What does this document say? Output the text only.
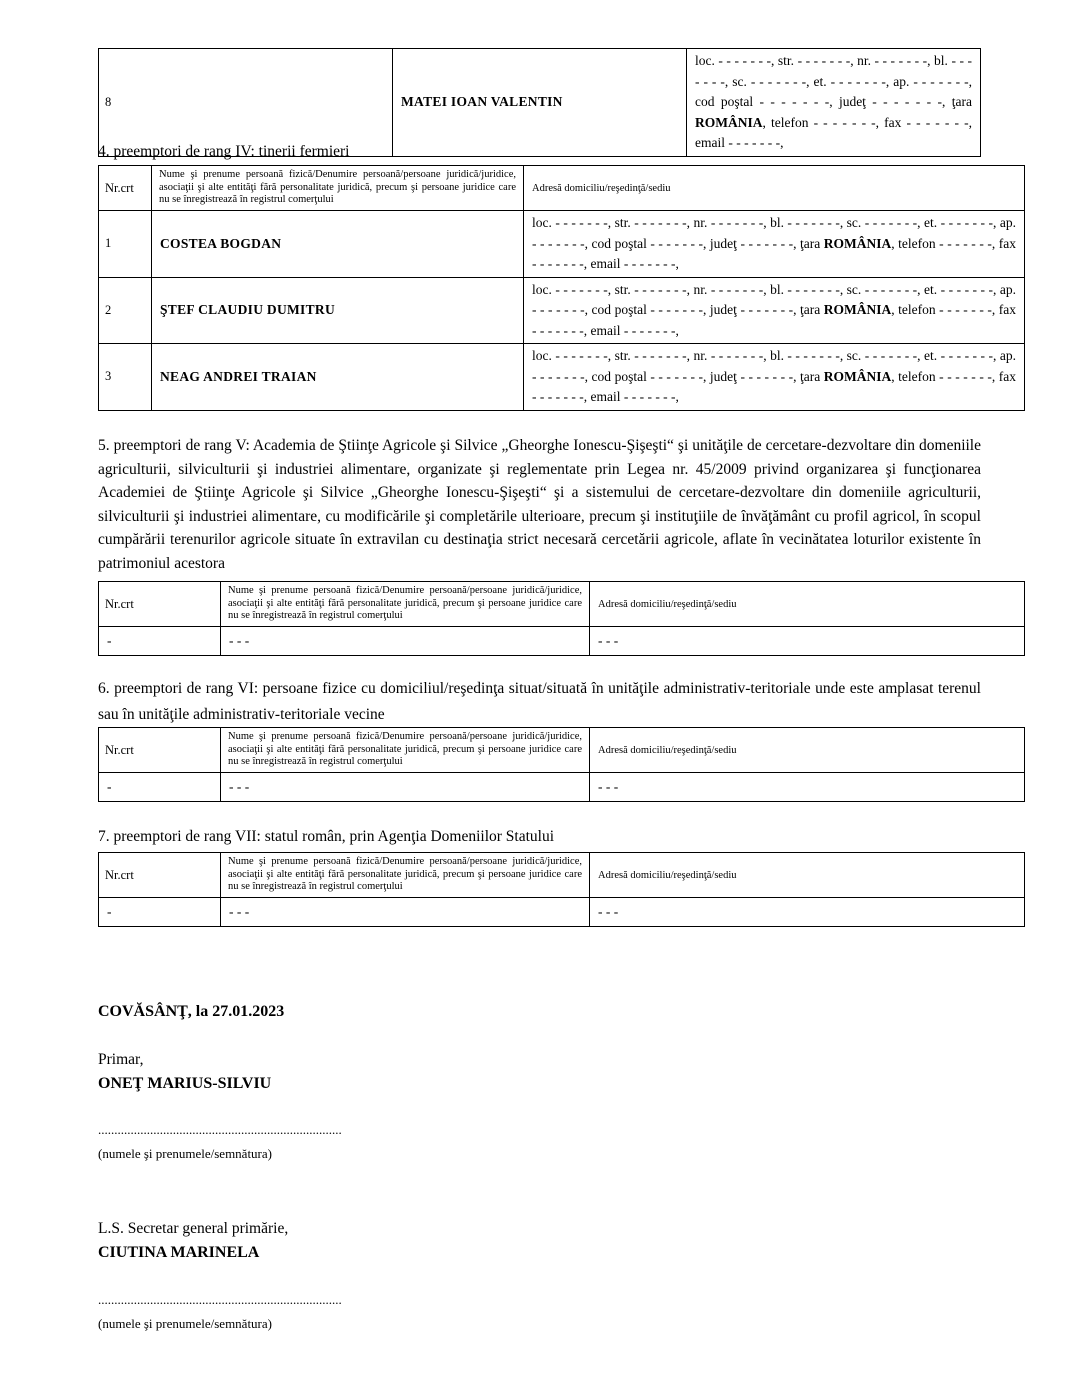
8	MATEI IOAN VALENTIN	loc. - - - - - - -, str. - - - - - - -, nr. - - - - - - -, bl. - - - - - - -, sc. - - - - - - -, et. - - - - - - -, ap. - - - - - - -, cod poştal - - - - - - -, judeţ - - - - - - -, ţara ROMÂNIA, telefon - - - - - - -, fax - - - - - - -, email - - - - - - -,
4. preemptori de rang IV: tinerii fermieri
Nr.crt	Nume şi prenume persoană fizică/Denumire persoană/persoane juridică/juridice, asociaţii şi alte entităţi fără personalitate juridică, precum şi persoane juridice care nu se înregistrează în registrul comerţului	Adresă domiciliu/reşedinţă/sediu
1	COSTEA BOGDAN	loc. - - - - - - -, str. - - - - - - -, nr. - - - - - - -, bl. - - - - - - -, sc. - - - - - - -, et. - - - - - - -, ap. - - - - - - -, cod poştal - - - - - - -, judeţ - - - - - - -, ţara ROMÂNIA, telefon - - - - - - -, fax - - - - - - -, email - - - - - - -,
2	ŞTEF CLAUDIU DUMITRU	loc. - - - - - - -, str. - - - - - - -, nr. - - - - - - -, bl. - - - - - - -, sc. - - - - - - -, et. - - - - - - -, ap. - - - - - - -, cod poştal - - - - - - -, judeţ - - - - - - -, ţara ROMÂNIA, telefon - - - - - - -, fax - - - - - - -, email - - - - - - -,
3	NEAG ANDREI TRAIAN	loc. - - - - - - -, str. - - - - - - -, nr. - - - - - - -, bl. - - - - - - -, sc. - - - - - - -, et. - - - - - - -, ap. - - - - - - -, cod poştal - - - - - - -, judeţ - - - - - - -, ţara ROMÂNIA, telefon - - - - - - -, fax - - - - - - -, email - - - - - - -,
5. preemptori de rang V: Academia de Ştiinţe Agricole şi Silvice „Gheorghe Ionescu-Şişeşti“ şi unităţile de cercetare-dezvoltare din domeniile agriculturii, silviculturii şi industriei alimentare, organizate şi reglementate prin Legea nr. 45/2009 privind organizarea şi funcţionarea Academiei de Ştiinţe Agricole şi Silvice „Gheorghe Ionescu-Şişeşti“ şi a sistemului de cercetare-dezvoltare din domeniile agriculturii, silviculturii şi industriei alimentare, cu modificările şi completările ulterioare, precum şi instituţiile de învăţământ cu profil agricol, în scopul cumpărării terenurilor agricole situate în extravilan cu destinaţia strict necesară cercetării agricole, aflate în vecinătatea loturilor existente în patrimoniul acestora
Nr.crt	Nume şi prenume persoană fizică/Denumire persoană/persoane juridică/juridice, asociaţii şi alte entităţi fără personalitate juridică, precum şi persoane juridice care nu se înregistrează în registrul comerţului	Adresă domiciliu/reşedinţă/sediu
-	- - -	- - -
6. preemptori de rang VI: persoane fizice cu domiciliul/reşedinţa situat/situată în unităţile administrativ-teritoriale unde este amplasat terenul sau în unităţile administrativ-teritoriale vecine
Nr.crt	Nume şi prenume persoană fizică/Denumire persoană/persoane juridică/juridice, asociaţii şi alte entităţi fără personalitate juridică, precum şi persoane juridice care nu se înregistrează în registrul comerţului	Adresă domiciliu/reşedinţă/sediu
-	- - -	- - -
7. preemptori de rang VII: statul român, prin Agenţia Domeniilor Statului
Nr.crt	Nume şi prenume persoană fizică/Denumire persoană/persoane juridică/juridice, asociaţii şi alte entităţi fără personalitate juridică, precum şi persoane juridice care nu se înregistrează în registrul comerţului	Adresă domiciliu/reşedinţă/sediu
-	- - -	- - -
COVĂSÂNŢ, la 27.01.2023
Primar,
ONEŢ MARIUS-SILVIU
...........................................................................
(numele şi prenumele/semnătura)
L.S. Secretar general primărie,
CIUTINA MARINELA
...........................................................................
(numele şi prenumele/semnătura)
